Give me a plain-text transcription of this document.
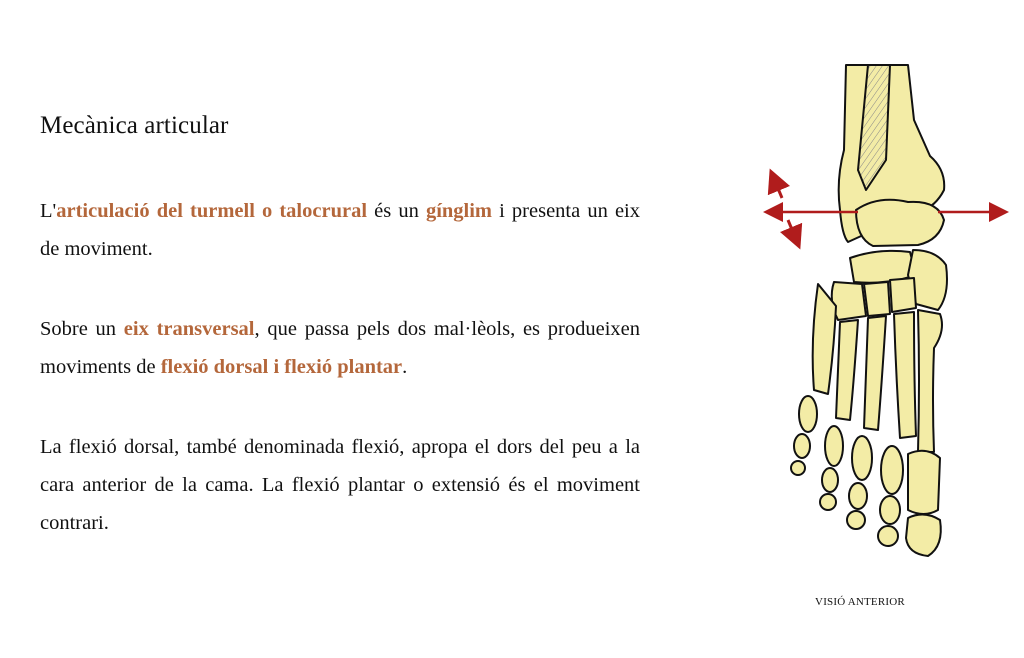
Mecànica articular

L'articulació del turmell o talocrural és un gínglim i presenta un eix de moviment.

Sobre un eix transversal, que passa pels dos mal·lèols, es produeixen moviments de flexió dorsal i flexió plantar.

La flexió dorsal, també denominada flexió, apropa el dors del peu a la cara anterior de la cama. La flexió plantar o extensió és el moviment contrari.

VISIÓ ANTERIOR
